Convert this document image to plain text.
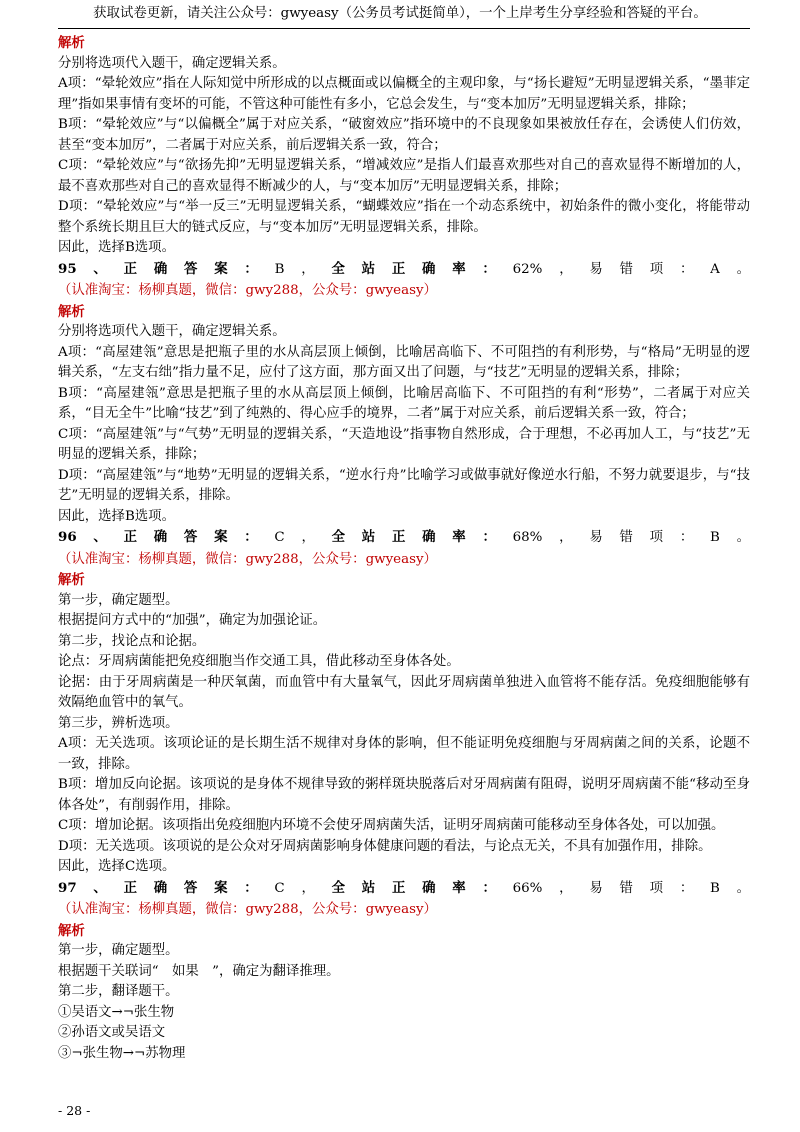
获取试卷更新，请关注公众号：gwyeasy（公务员考试挺简单），一个上岸考生分享经验和答疑的平台。

解析

分别将选项代入题干，确定逻辑关系。

A项：“晕轮效应”指在人际知觉中所形成的以点概面或以偏概全的主观印象，与“扬长避短”无明显逻辑关系，“墨菲定理”指如果事情有变坏的可能，不管这种可能性有多小，它总会发生，与“变本加厉”无明显逻辑关系，排除；

B项：“晕轮效应”与“以偏概全”属于对应关系，“破窗效应”指环境中的不良现象如果被放任存在，会诱使人们仿效，甚至“变本加厉”，二者属于对应关系，前后逻辑关系一致，符合；

C项：“晕轮效应”与“欲扬先抑”无明显逻辑关系，“增减效应”是指人们最喜欢那些对自己的喜欢显得不断增加的人，最不喜欢那些对自己的喜欢显得不断减少的人，与“变本加厉”无明显逻辑关系，排除；

D项：“晕轮效应”与“举一反三”无明显逻辑关系，“蝴蝶效应”指在一个动态系统中，初始条件的微小变化，将能带动整个系统长期且巨大的链式反应，与“变本加厉”无明显逻辑关系，排除。

因此，选择B选项。

95、正确答案：B，全站正确率：62%，易错项：A。（认准淘宝：杨柳真题，微信：gwy288，公众号：gwyeasy）

解析

分别将选项代入题干，确定逻辑关系。

A项：“高屋建瓴”意思是把瓶子里的水从高层顶上倾倒，比喻居高临下、不可阻挡的有利形势，与“格局”无明显的逻辑关系，“左支右绌”指力量不足，应付了这方面，那方面又出了问题，与“技艺”无明显的逻辑关系，排除；

B项：“高屋建瓴”意思是把瓶子里的水从高层顶上倾倒，比喻居高临下、不可阻挡的有利“形势”，二者属于对应关系，“目无全牛”比喻“技艺”到了纯熟的、得心应手的境界，二者”属于对应关系，前后逻辑关系一致，符合；

C项：“高屋建瓴”与“气势”无明显的逻辑关系，“天造地设”指事物自然形成，合于理想，不必再加人工，与“技艺”无明显的逻辑关系，排除；

D项：“高屋建瓴”与“地势”无明显的逻辑关系，“逆水行舟”比喻学习或做事就好像逆水行船，不努力就要退步，与“技艺”无明显的逻辑关系，排除。

因此，选择B选项。

96、正确答案：C，全站正确率：68%，易错项：B。（认准淘宝：杨柳真题，微信：gwy288，公众号：gwyeasy）

解析

第一步，确定题型。

根据提问方式中的“加强”，确定为加强论证。

第二步，找论点和论据。

论点：牙周病菌能把免疫细胞当作交通工具，借此移动至身体各处。

论据：由于牙周病菌是一种厌氧菌，而血管中有大量氧气，因此牙周病菌单独进入血管将不能存活。免疫细胞能够有效隔绝血管中的氧气。

第三步，辨析选项。

A项：无关选项。该项论证的是长期生活不规律对身体的影响，但不能证明免疫细胞与牙周病菌之间的关系，论题不一致，排除。

B项：增加反向论据。该项说的是身体不规律导致的粥样斑块脱落后对牙周病菌有阻碍，说明牙周病菌不能“移动至身体各处”，有削弱作用，排除。

C项：增加论据。该项指出免疫细胞内环境不会使牙周病菌失活，证明牙周病菌可能移动至身体各处，可以加强。

D项：无关选项。该项说的是公众对牙周病菌影响身体健康问题的看法，与论点无关，不具有加强作用，排除。

因此，选择C选项。

97、正确答案：C，全站正确率：66%，易错项：B。（认准淘宝：杨柳真题，微信：gwy288，公众号：gwyeasy）

解析

第一步，确定题型。

根据题干关联词“　如果　”，确定为翻译推理。

第二步，翻译题干。

①吴语文→¬张生物

②孙语文或吴语文

③¬张生物→¬苏物理

- 28 -
